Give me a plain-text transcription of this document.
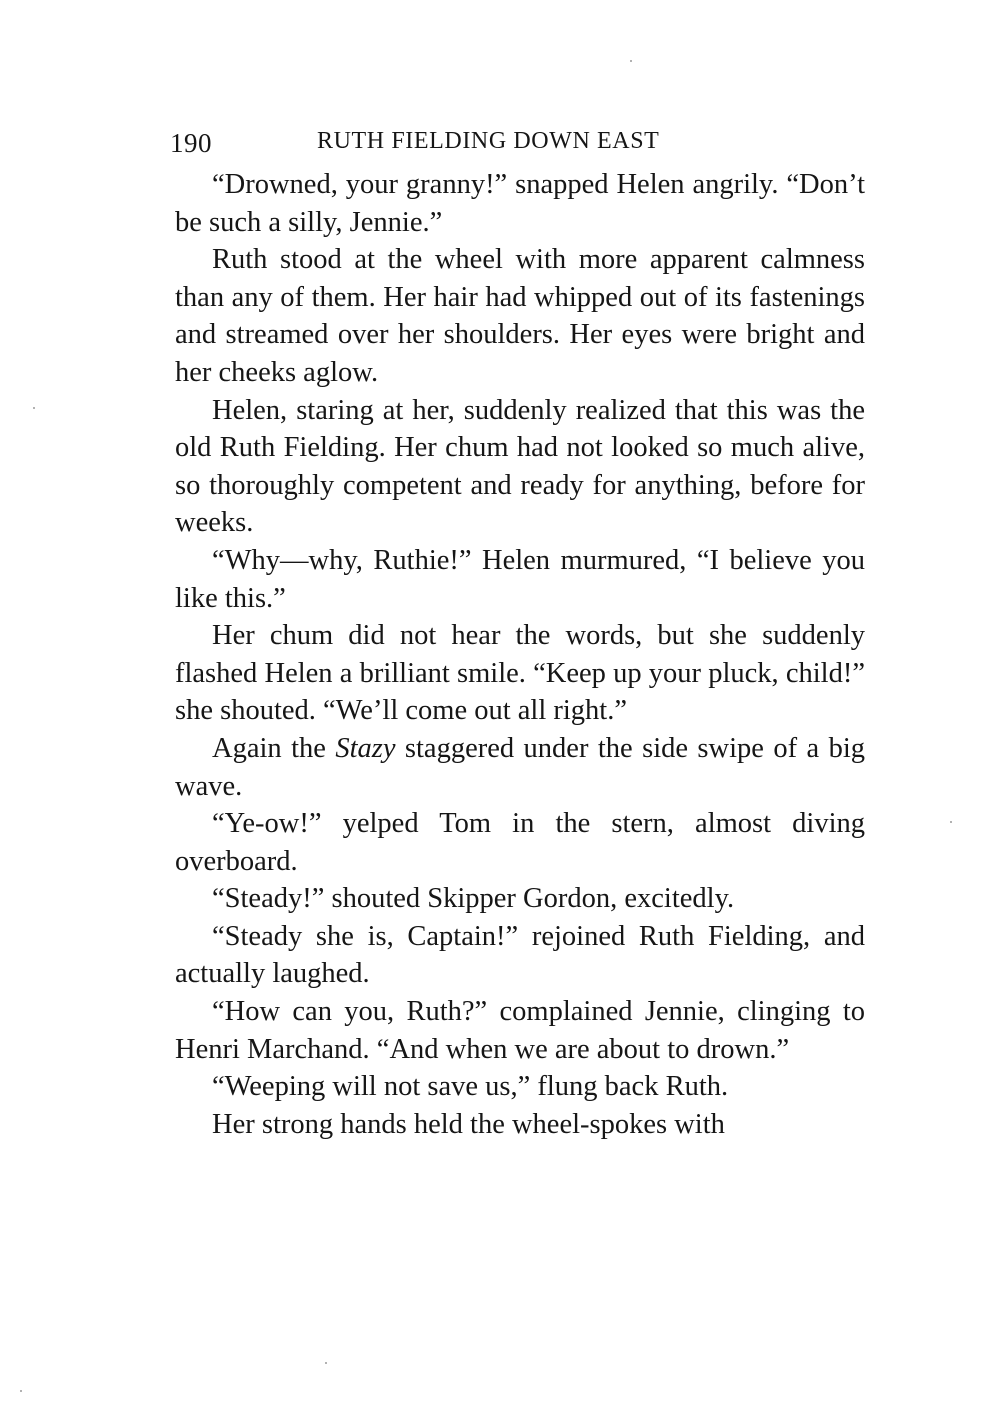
190	RUTH FIELDING DOWN EAST

“Drowned, your granny!” snapped Helen angrily. “Don’t be such a silly, Jennie.”

Ruth stood at the wheel with more apparent calmness than any of them. Her hair had whipped out of its fastenings and streamed over her shoulders. Her eyes were bright and her cheeks aglow.

Helen, staring at her, suddenly realized that this was the old Ruth Fielding. Her chum had not looked so much alive, so thoroughly competent and ready for anything, before for weeks.

“Why—why, Ruthie!” Helen murmured, “I believe you like this.”

Her chum did not hear the words, but she suddenly flashed Helen a brilliant smile. “Keep up your pluck, child!” she shouted. “We’ll come out all right.”

Again the Stazy staggered under the side swipe of a big wave.

“Ye-ow!” yelped Tom in the stern, almost diving overboard.

“Steady!” shouted Skipper Gordon, excitedly.

“Steady she is, Captain!” rejoined Ruth Fielding, and actually laughed.

“How can you, Ruth?” complained Jennie, clinging to Henri Marchand. “And when we are about to drown.”

“Weeping will not save us,” flung back Ruth.

Her strong hands held the wheel-spokes with
